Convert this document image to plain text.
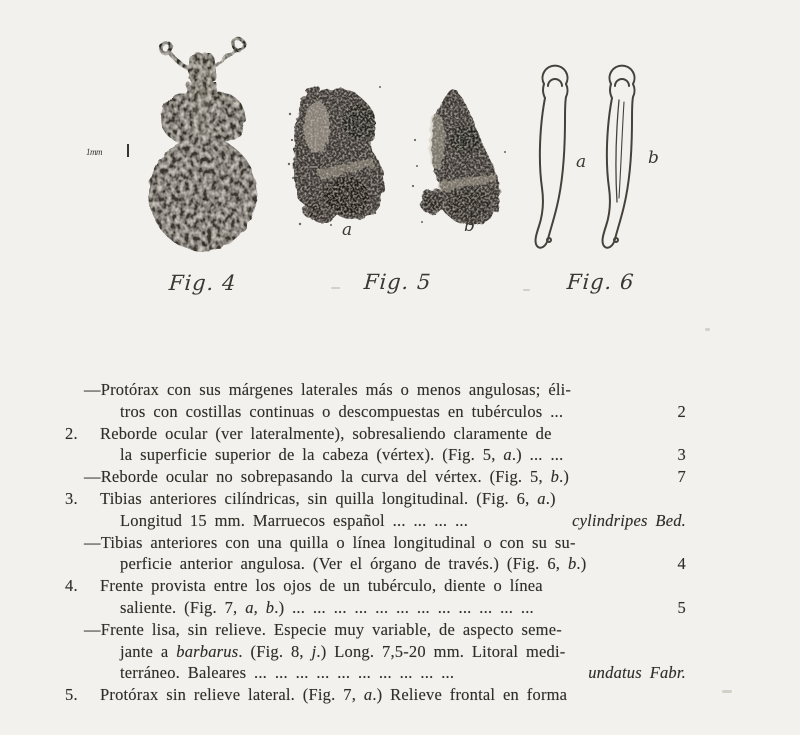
1mm
a	b
a	b
Fig. 4	Fig. 5	Fig. 6
—Protórax con sus márgenes laterales más o menos angulosas; éli-
tros con costillas continuas o descompuestas en tubérculos ...	2
2. Reborde ocular (ver lateralmente), sobresaliendo claramente de
la superficie superior de la cabeza (vértex). (Fig. 5, a.) ... ...	3
—Reborde ocular no sobrepasando la curva del vértex. (Fig. 5, b.)	7
3. Tibias anteriores cilíndricas, sin quilla longitudinal. (Fig. 6, a.)
Longitud 15 mm. Marruecos español ... ... ... ...	cylindripes Bed.
—Tibias anteriores con una quilla o línea longitudinal o con su su-
perficie anterior angulosa. (Ver el órgano de través.) (Fig. 6, b.)	4
4. Frente provista entre los ojos de un tubérculo, diente o línea
saliente. (Fig. 7, a, b.) ... ... ... ... ... ... ... ... ... ... ... ...	5
—Frente lisa, sin relieve. Especie muy variable, de aspecto seme-
jante a barbarus. (Fig. 8, j.) Long. 7,5-20 mm. Litoral medi-
terráneo. Baleares ... ... ... ... ... ... ... ... ... ...	undatus Fabr.
5. Protórax sin relieve lateral. (Fig. 7, a.) Relieve frontal en forma
